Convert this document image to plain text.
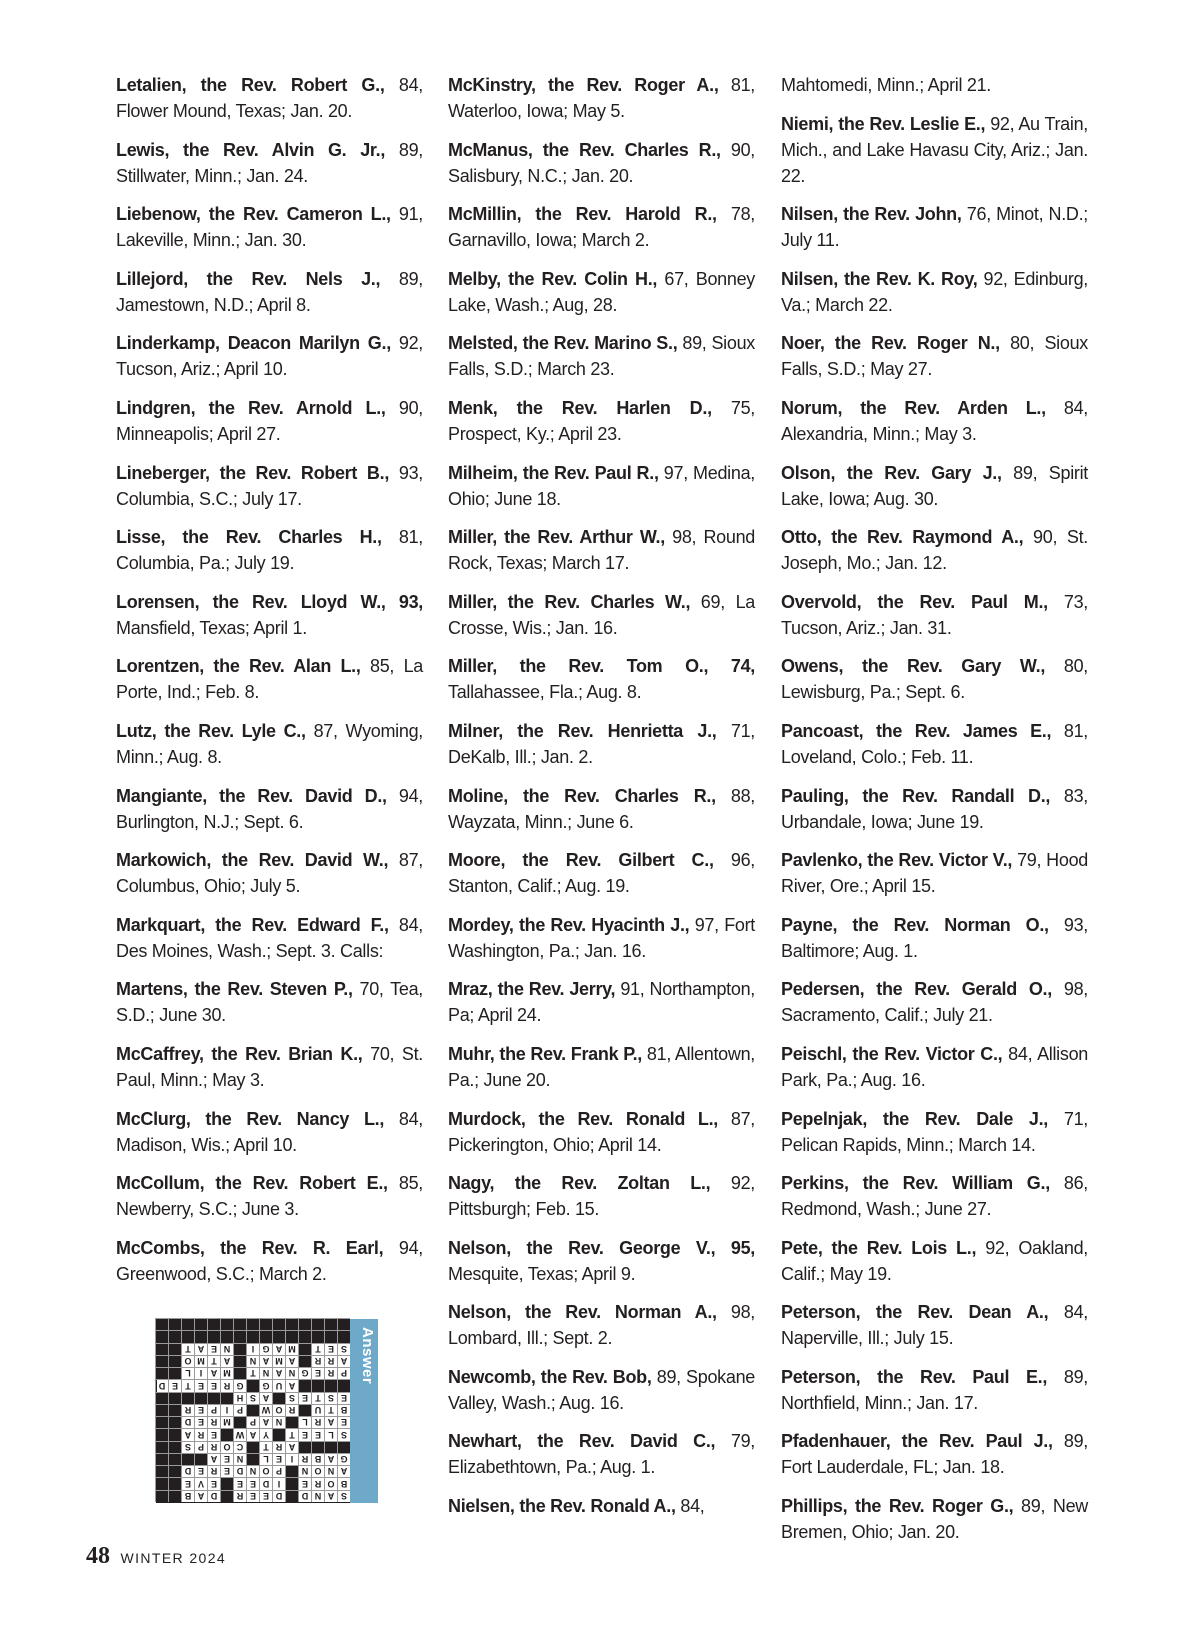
Letalien, the Rev. Robert G., 84, Flower Mound, Texas; Jan. 20.

Lewis, the Rev. Alvin G. Jr., 89, Stillwater, Minn.; Jan. 24.

Liebenow, the Rev. Cameron L., 91, Lakeville, Minn.; Jan. 30.

Lillejord, the Rev. Nels J., 89, Jamestown, N.D.; April 8.

Linderkamp, Deacon Marilyn G., 92, Tucson, Ariz.; April 10.

Lindgren, the Rev. Arnold L., 90, Minneapolis; April 27.

Lineberger, the Rev. Robert B., 93, Columbia, S.C.; July 17.

Lisse, the Rev. Charles H., 81, Columbia, Pa.; July 19.

Lorensen, the Rev. Lloyd W., 93, Mansfield, Texas; April 1.

Lorentzen, the Rev. Alan L., 85, La Porte, Ind.; Feb. 8.

Lutz, the Rev. Lyle C., 87, Wyoming, Minn.; Aug. 8.

Mangiante, the Rev. David D., 94, Burlington, N.J.; Sept. 6.

Markowich, the Rev. David W., 87, Columbus, Ohio; July 5.

Markquart, the Rev. Edward F., 84, Des Moines, Wash.; Sept. 3. Calls:

Martens, the Rev. Steven P., 70, Tea, S.D.; June 30.

McCaffrey, the Rev. Brian K., 70, St. Paul, Minn.; May 3.

McClurg, the Rev. Nancy L., 84, Madison, Wis.; April 10.

McCollum, the Rev. Robert E., 85, Newberry, S.C.; June 3.

McCombs, the Rev. R. Earl, 94, Greenwood, S.C.; March 2.

McKinstry, the Rev. Roger A., 81, Waterloo, Iowa; May 5.

McManus, the Rev. Charles R., 90, Salisbury, N.C.; Jan. 20.

McMillin, the Rev. Harold R., 78, Garnavillo, Iowa; March 2.

Melby, the Rev. Colin H., 67, Bonney Lake, Wash.; Aug, 28.

Melsted, the Rev. Marino S., 89, Sioux Falls, S.D.; March 23.

Menk, the Rev. Harlen D., 75, Prospect, Ky.; April 23.

Milheim, the Rev. Paul R., 97, Medina, Ohio; June 18.

Miller, the Rev. Arthur W., 98, Round Rock, Texas; March 17.

Miller, the Rev. Charles W., 69, La Crosse, Wis.; Jan. 16.

Miller, the Rev. Tom O., 74, Tallahassee, Fla.; Aug. 8.

Milner, the Rev. Henrietta J., 71, DeKalb, Ill.; Jan. 2.

Moline, the Rev. Charles R., 88, Wayzata, Minn.; June 6.

Moore, the Rev. Gilbert C., 96, Stanton, Calif.; Aug. 19.

Mordey, the Rev. Hyacinth J., 97, Fort Washington, Pa.; Jan. 16.

Mraz, the Rev. Jerry, 91, Northampton, Pa; April 24.

Muhr, the Rev. Frank P., 81, Allentown, Pa.; June 20.

Murdock, the Rev. Ronald L., 87, Pickerington, Ohio; April 14.

Nagy, the Rev. Zoltan L., 92, Pittsburgh; Feb. 15.

Nelson, the Rev. George V., 95, Mesquite, Texas; April 9.

Nelson, the Rev. Norman A., 98, Lombard, Ill.; Sept. 2.

Newcomb, the Rev. Bob, 89, Spokane Valley, Wash.; Aug. 16.

Newhart, the Rev. David C., 79, Elizabethtown, Pa.; Aug. 1.

Nielsen, the Rev. Ronald A., 84,

Mahtomedi, Minn.; April 21.

Niemi, the Rev. Leslie E., 92, Au Train, Mich., and Lake Havasu City, Ariz.; Jan. 22.

Nilsen, the Rev. John, 76, Minot, N.D.; July 11.

Nilsen, the Rev. K. Roy, 92, Edinburg, Va.; March 22.

Noer, the Rev. Roger N., 80, Sioux Falls, S.D.; May 27.

Norum, the Rev. Arden L., 84, Alexandria, Minn.; May 3.

Olson, the Rev. Gary J., 89, Spirit Lake, Iowa; Aug. 30.

Otto, the Rev. Raymond A., 90, St. Joseph, Mo.; Jan. 12.

Overvold, the Rev. Paul M., 73, Tucson, Ariz.; Jan. 31.

Owens, the Rev. Gary W., 80, Lewisburg, Pa.; Sept. 6.

Pancoast, the Rev. James E., 81, Loveland, Colo.; Feb. 11.

Pauling, the Rev. Randall D., 83, Urbandale, Iowa; June 19.

Pavlenko, the Rev. Victor V., 79, Hood River, Ore.; April 15.

Payne, the Rev. Norman O., 93, Baltimore; Aug. 1.

Pedersen, the Rev. Gerald O., 98, Sacramento, Calif.; July 21.

Peischl, the Rev. Victor C., 84, Allison Park, Pa.; Aug. 16.

Pepelnjak, the Rev. Dale J., 71, Pelican Rapids, Minn.; March 14.

Perkins, the Rev. William G., 86, Redmond, Wash.; June 27.

Pete, the Rev. Lois L., 92, Oakland, Calif.; May 19.

Peterson, the Rev. Dean A., 84, Naperville, Ill.; July 15.

Peterson, the Rev. Paul E., 89, Northfield, Minn.; Jan. 17.

Pfadenhauer, the Rev. Paul J., 89, Fort Lauderdale, FL; Jan. 18.

Phillips, the Rev. Roger G., 89, New Bremen, Ohio; Jan. 20.

S
A
N
D
D
E
E
R
D
A
B
B
O
R
E
I
D
E
E
E
V
E
A
N
O
N
P
O
N
D
E
R
E
D
G
A
B
R
I
E
L
N
E
A
A
R
T
C
O
R
P
S
S
L
E
E
T
Y
A
W
E
R
A
E
A
R
L
N
A
P
M
R
E
D
B
T
U
R
O
W
P
I
P
E
R
E
S
T
E
S
A
S
H
A
U
G
G
R
E
E
T
E
D
P
R
E
G
N
A
N
T
M
A
I
L
A
R
R
A
M
A
N
A
T
M
O
S
E
T
M
A
G
I
N
E
A
T	Answer
48 WINTER 2024
